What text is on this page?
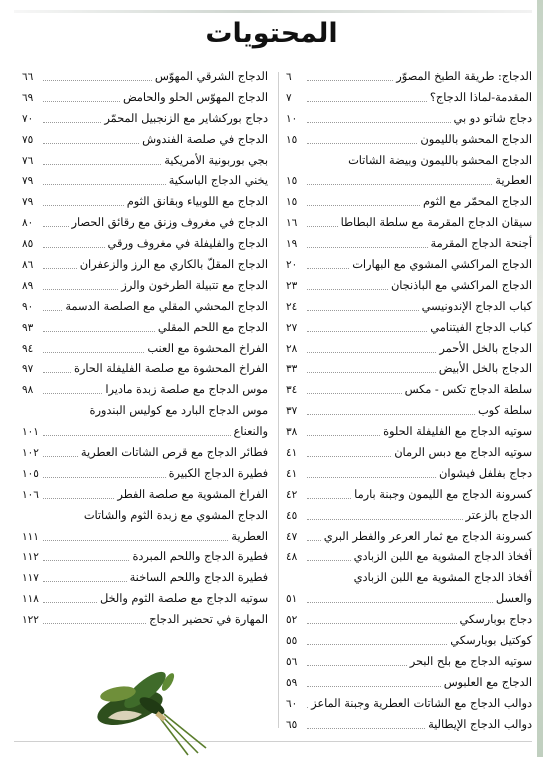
المحتويات
الدجاج: طريقة الطبخ المصوّر
٦
المقدمة-لماذا الدجاج؟
٧
دجاج شاتو دو بي
١٠
الدجاج المحشو بالليمون
١٥
الدجاج المحشو بالليمون وبيضة الشاتات
العطرية
١٥
الدجاج المحمّر مع الثوم
١٥
سيقان الدجاج المقرمة مع سلطة البطاطا
١٦
أجنحة الدجاج المقرمة
١٩
الدجاج المراكشي المشوي مع البهارات
٢٠
الدجاج المراكشي مع الباذنجان
٢٣
كباب الدجاج الإندونيسي
٢٤
كباب الدجاج الفيتنامي
٢٧
الدجاج بالخل الأحمر
٢٨
الدجاج بالخل الأبيض
٣٣
سلطة الدجاج تكس - مكس
٣٤
سلطة كوب
٣٧
سوتيه الدجاج مع الفليفلة الحلوة
٣٨
سوتيه الدجاج مع دبس الرمان
٤١
دجاج بفلفل فيشوان
٤١
كسرونة الدجاج مع الليمون وجبنة بارما
٤٢
الدجاج بالزعتر
٤٥
كسرونة الدجاج مع ثمار العرعر والفطر البري
٤٧
أفخاذ الدجاج المشوية مع اللبن الزبادي
٤٨
أفخاذ الدجاج المشوية مع اللبن الزبادي
والعسل
٥١
دجاج بوبارسكي
٥٢
كوكتيل بوبارسكي
٥٥
سوتيه الدجاج مع بلح البحر
٥٦
الدجاج مع العلبوس
٥٩
دوالب الدجاج مع الشاتات العطرية وجبنة الماعز
٦٠
دوالب الدجاج الإيطالية
٦٥
الدجاج الشرقي المهوّس
٦٦
الدجاج المهوّس الحلو والحامض
٦٩
دجاج بوركشاير مع الزنجبيل المحمّر
٧٠
الدجاج في صلصة الفندوش
٧٥
بجي بوربونية الأمريكية
٧٦
يخني الدجاج الباسكية
٧٩
الدجاج مع اللوبياء وبقانق الثوم
٧٩
الدجاج في مغروف وزنق مع رقائق الحصار
٨٠
الدجاج والفليفلة في مغروف ورقي
٨٥
الدجاج المقلّ بالكاري مع الرز والزعفران
٨٦
الدجاج مع تتبيلة الطرخون والرز
٨٩
الدجاج المحشي المقلي مع الصلصة الدسمة
٩٠
الدجاج مع اللحم المقلي
٩٣
الفراخ المحشوة مع العنب
٩٤
الفراخ المحشوة مع صلصة الفليفلة الحارة
٩٧
موس الدجاج مع صلصة زبدة ماديرا
٩٨
موس الدجاج البارد مع كوليس البندورة
والنعناع
١٠١
فطائر الدجاج مع قرص الشاتات العطرية
١٠٢
فطيرة الدجاج الكبيرة
١٠٥
الفراخ المشوية مع صلصة الفطر
١٠٦
الدجاج المشوي مع زبدة الثوم والشاتات
العطرية
١١١
فطيرة الدجاج واللحم المبردة
١١٢
فطيرة الدجاج واللحم الساخنة
١١٧
سوتيه الدجاج مع صلصة الثوم والخل
١١٨
المهارة في تحضير الدجاج
١٢٢
